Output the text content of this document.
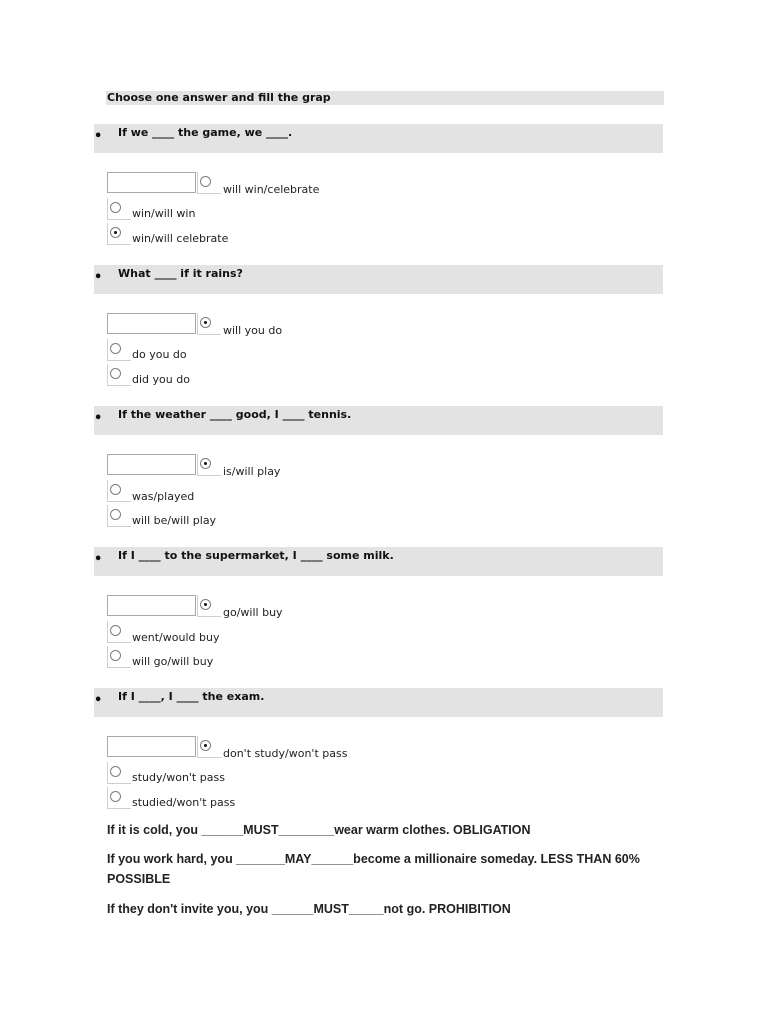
Choose one answer and fill the grap
• If we ____ the game, we ____.
will win/celebrate
win/will win
win/will celebrate
• What ____ if it rains?
will you do
do you do
did you do
• If the weather ____ good, I ____ tennis.
is/will play
was/played
will be/will play
• If I ____ to the supermarket, I ____ some milk.
go/will buy
went/would buy
will go/will buy
• If I ____, I ____ the exam.
don't study/won't pass
study/won't pass
studied/won't pass
If it is cold, you ______MUST________wear warm clothes. OBLIGATION
If you work hard, you _______MAY______become a millionaire someday. LESS THAN 60% POSSIBLE
If they don't invite you, you ______MUST_____not go. PROHIBITION
